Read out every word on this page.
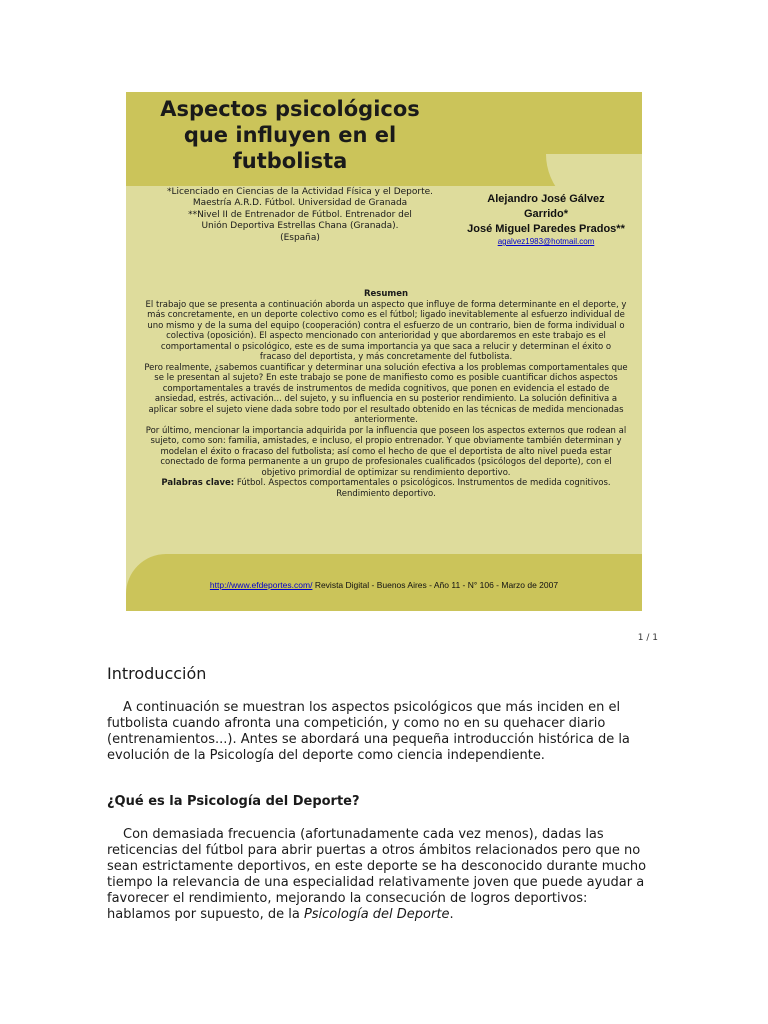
Aspectos psicológicos que influyen en el futbolista
*Licenciado en Ciencias de la Actividad Física y el Deporte.
Maestría A.R.D. Fútbol. Universidad de Granada
**Nivel II de Entrenador de Fútbol. Entrenador del
Unión Deportiva Estrellas Chana (Granada).
(España)
Alejandro José Gálvez
Garrido*
José Miguel Paredes Prados**
agalvez1983@hotmail.com
Resumen

El trabajo que se presenta a continuación aborda un aspecto que influye de forma determinante en el deporte, y más concretamente, en un deporte colectivo como es el fútbol; ligado inevitablemente al esfuerzo individual de uno mismo y de la suma del equipo (cooperación) contra el esfuerzo de un contrario, bien de forma individual o colectiva (oposición). El aspecto mencionado con anterioridad y que abordaremos en este trabajo es el comportamental o psicológico, este es de suma importancia ya que saca a relucir y determinan el éxito o fracaso del deportista, y más concretamente del futbolista.

Pero realmente, ¿sabemos cuantificar y determinar una solución efectiva a los problemas comportamentales que se le presentan al sujeto? En este trabajo se pone de manifiesto como es posible cuantificar dichos aspectos comportamentales a través de instrumentos de medida cognitivos, que ponen en evidencia el estado de ansiedad, estrés, activación... del sujeto, y su influencia en su posterior rendimiento. La solución definitiva a aplicar sobre el sujeto viene dada sobre todo por el resultado obtenido en las técnicas de medida mencionadas anteriormente.

Por último, mencionar la importancia adquirida por la influencia que poseen los aspectos externos que rodean al sujeto, como son: familia, amistades, e incluso, el propio entrenador. Y que obviamente también determinan y modelan el éxito o fracaso del futbolista; así como el hecho de que el deportista de alto nivel pueda estar conectado de forma permanente a un grupo de profesionales cualificados (psicólogos del deporte), con el objetivo primordial de optimizar su rendimiento deportivo.

Palabras clave: Fútbol. Aspectos comportamentales o psicológicos. Instrumentos de medida cognitivos. Rendimiento deportivo.

http://www.efdeportes.com/ Revista Digital - Buenos Aires - Año 11 - N° 106 - Marzo de 2007
1 / 1
Introducción

A continuación se muestran los aspectos psicológicos que más inciden en el futbolista cuando afronta una competición, y como no en su quehacer diario (entrenamientos...). Antes se abordará una pequeña introducción histórica de la evolución de la Psicología del deporte como ciencia independiente.

¿Qué es la Psicología del Deporte?

Con demasiada frecuencia (afortunadamente cada vez menos), dadas las reticencias del fútbol para abrir puertas a otros ámbitos relacionados pero que no sean estrictamente deportivos, en este deporte se ha desconocido durante mucho tiempo la relevancia de una especialidad relativamente joven que puede ayudar a favorecer el rendimiento, mejorando la consecución de logros deportivos: hablamos por supuesto, de la Psicología del Deporte.
